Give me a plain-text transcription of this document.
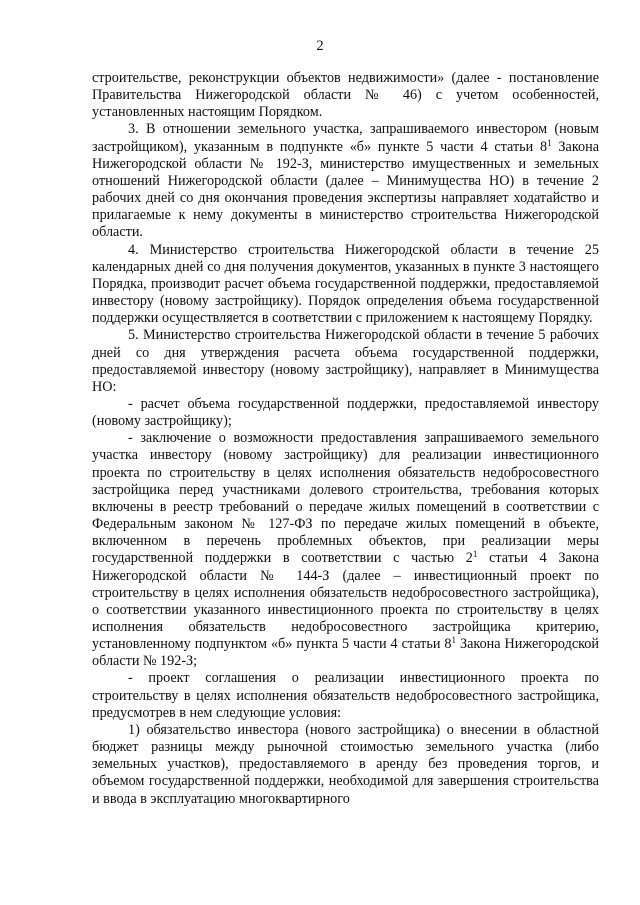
2

строительстве, реконструкции объектов недвижимости» (далее - постановление Правительства Нижегородской области № 46) с учетом особенностей, установленных настоящим Порядком.

3. В отношении земельного участка, запрашиваемого инвестором (новым застройщиком), указанным в подпункте «б» пункте 5 части 4 статьи $8^1$ Закона Нижегородской области № 192-З, министерство имущественных и земельных отношений Нижегородской области (далее – Минимущества НО) в течение 2 рабочих дней со дня окончания проведения экспертизы направляет ходатайство и прилагаемые к нему документы в министерство строительства Нижегородской области.

4. Министерство строительства Нижегородской области в течение 25 календарных дней со дня получения документов, указанных в пункте 3 настоящего Порядка, производит расчет объема государственной поддержки, предоставляемой инвестору (новому застройщику). Порядок определения объема государственной поддержки осуществляется в соответствии с приложением к настоящему Порядку.

5. Министерство строительства Нижегородской области в течение 5 рабочих дней со дня утверждения расчета объема государственной поддержки, предоставляемой инвестору (новому застройщику), направляет в Минимущества НО:

- расчет объема государственной поддержки, предоставляемой инвестору (новому застройщику);

- заключение о возможности предоставления запрашиваемого земельного участка инвестору (новому застройщику) для реализации инвестиционного проекта по строительству в целях исполнения обязательств недобросовестного застройщика перед участниками долевого строительства, требования которых включены в реестр требований о передаче жилых помещений в соответствии с Федеральным законом № 127-ФЗ по передаче жилых помещений в объекте, включенном в перечень проблемных объектов, при реализации меры государственной поддержки в соответствии с частью $2^1$ статьи 4 Закона Нижегородской области № 144-З (далее – инвестиционный проект по строительству в целях исполнения обязательств недобросовестного застройщика), о соответствии указанного инвестиционного проекта по строительству в целях исполнения обязательств недобросовестного застройщика критерию, установленному подпунктом «б» пункта 5 части 4 статьи $8^1$ Закона Нижегородской области № 192-З;

- проект соглашения о реализации инвестиционного проекта по строительству в целях исполнения обязательств недобросовестного застройщика, предусмотрев в нем следующие условия:

1) обязательство инвестора (нового застройщика) о внесении в областной бюджет разницы между рыночной стоимостью земельного участка (либо земельных участков), предоставляемого в аренду без проведения торгов, и объемом государственной поддержки, необходимой для завершения строительства и ввода в эксплуатацию многоквартирного
